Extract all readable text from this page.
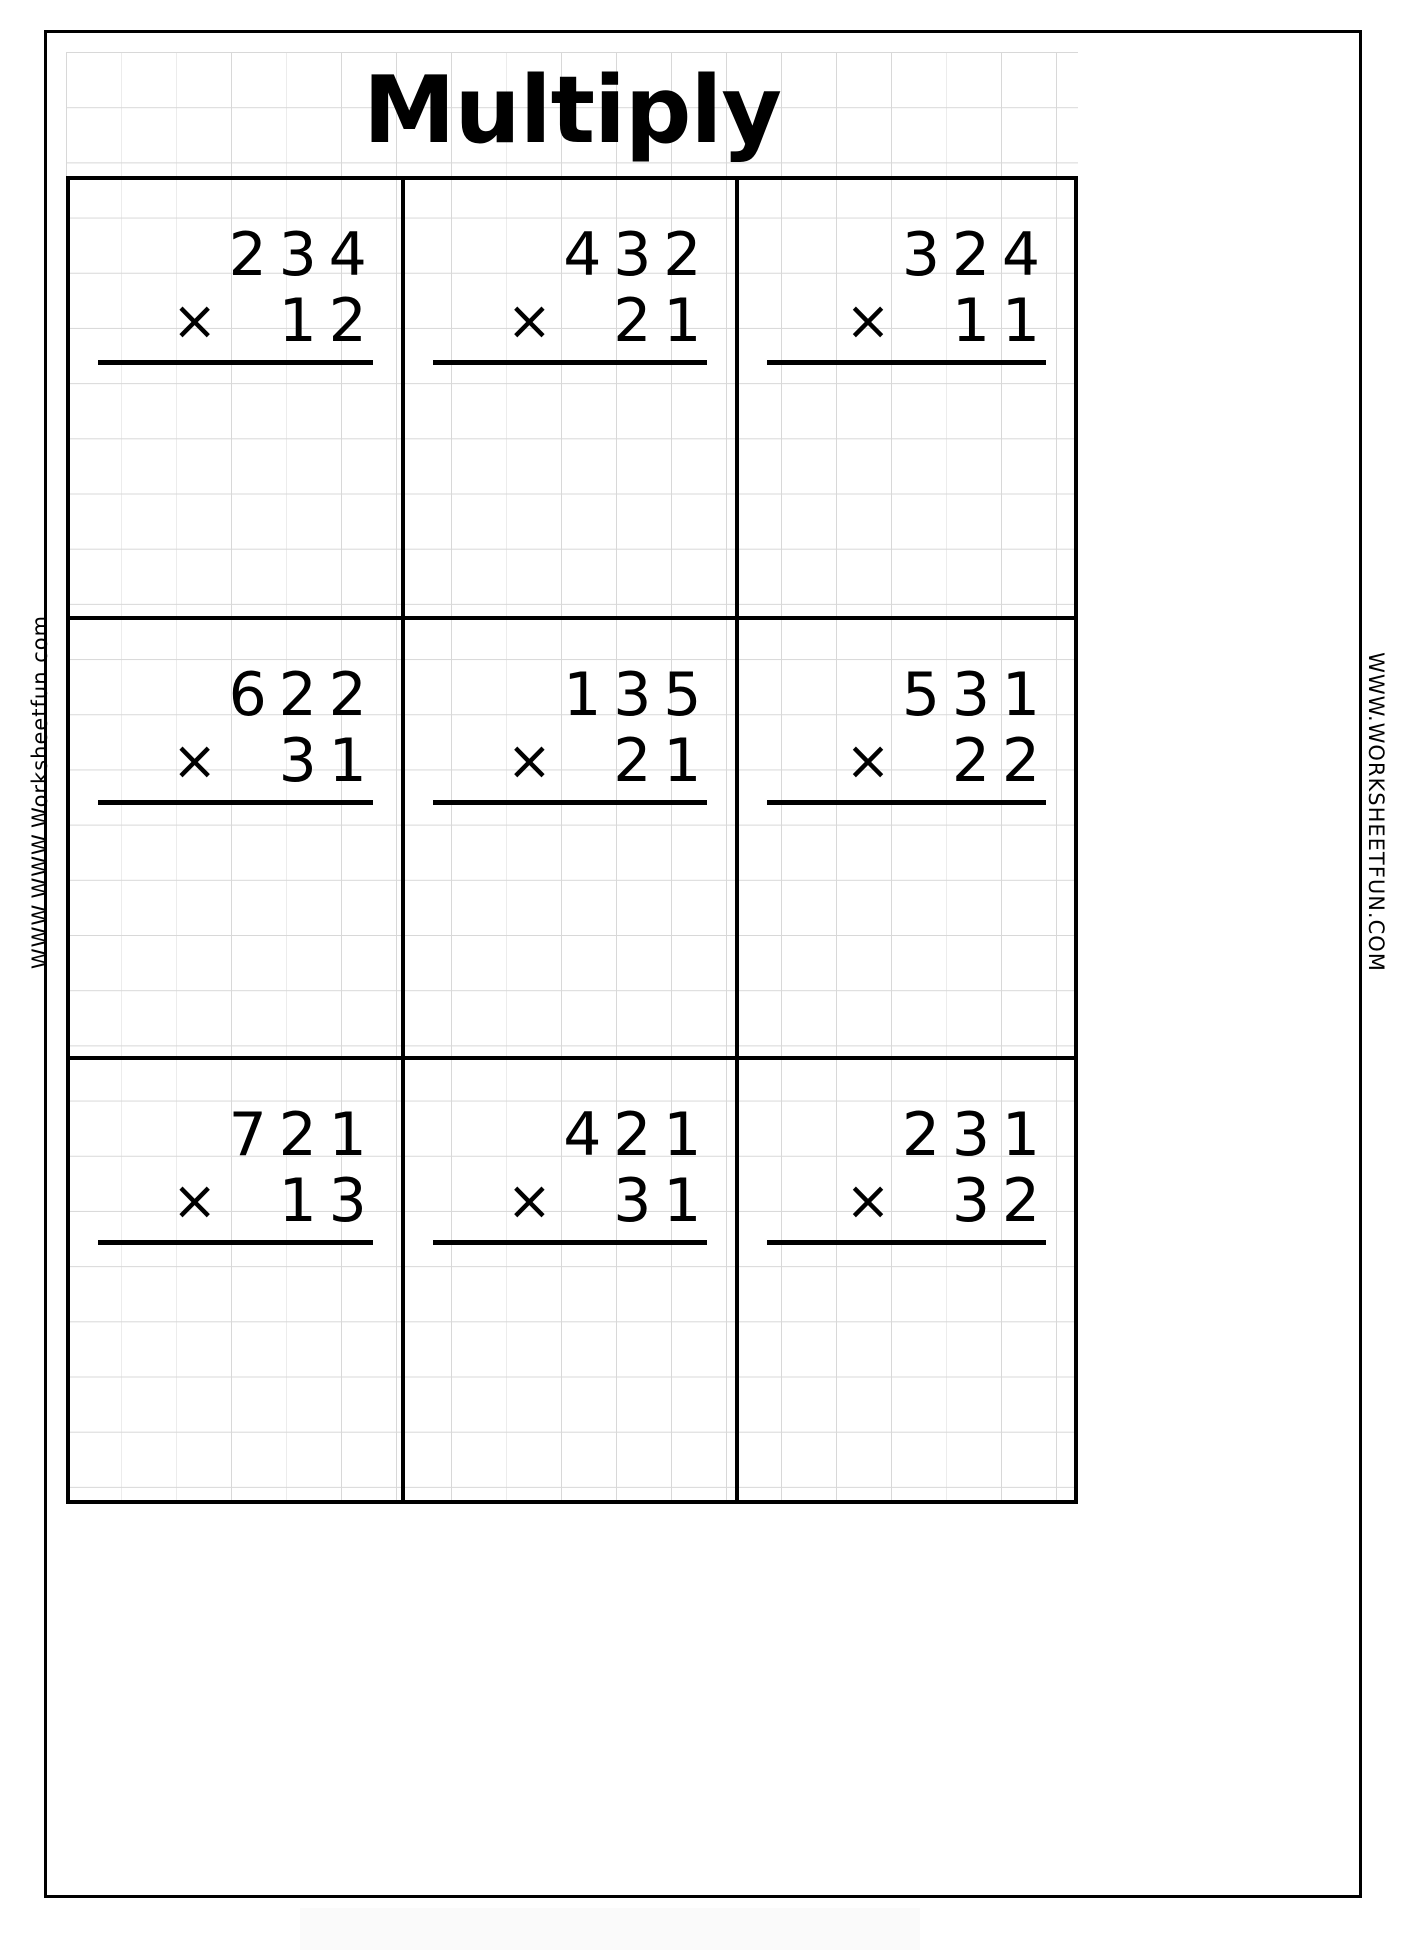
Multiply
2 3 4
× 1 2
4 3 2
× 2 1
3 2 4
× 1 1
6 2 2
× 3 1
1 3 5
× 2 1
5 3 1
× 2 2
7 2 1
× 1 3
4 2 1
× 3 1
2 3 1
× 3 2
WWW.WWW.Worksheetfun.com	WWW.WORKSHEETFUN.COM
